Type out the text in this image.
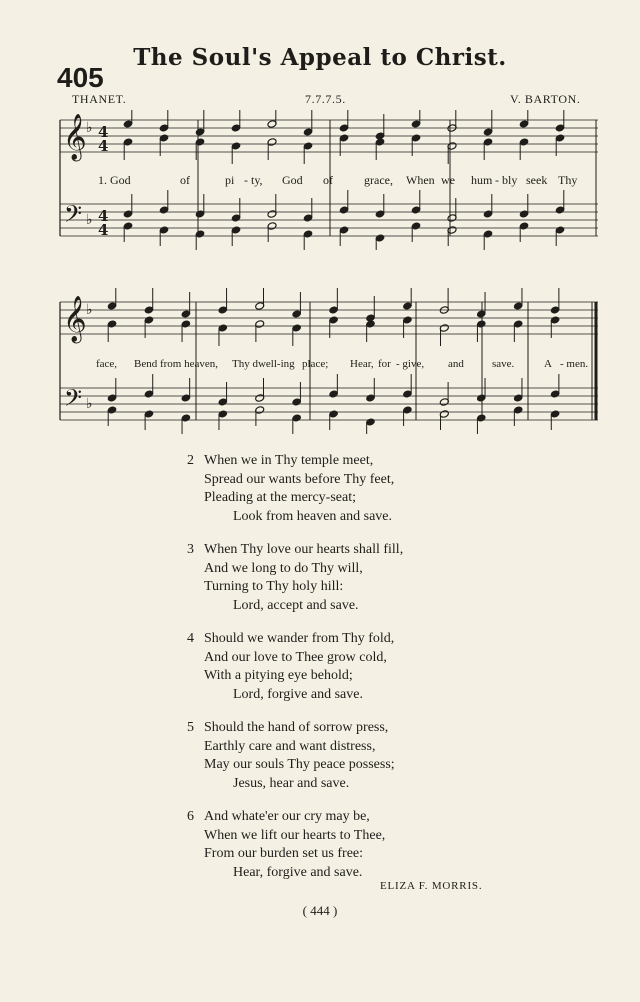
The Soul's Appeal to Christ.
405
THANET.	7.7.7.5.	V. BARTON.
𝄞
𝄢
♭
♭
4
4
4
4
1. God	of	pi - ty, God of	grace, When we hum - bly seek Thy
𝄞
𝄢
♭
♭
face, Bend from heaven, Thy dwell-ing place; Hear, for - give, and	save.	A - men.
2 When we in Thy temple meet,
Spread our wants before Thy feet,
Pleading at the mercy-seat;
Look from heaven and save.
3 When Thy love our hearts shall fill,
And we long to do Thy will,
Turning to Thy holy hill:
Lord, accept and save.
4 Should we wander from Thy fold,
And our love to Thee grow cold,
With a pitying eye behold;
Lord, forgive and save.
5 Should the hand of sorrow press,
Earthly care and want distress,
May our souls Thy peace possess;
Jesus, hear and save.
6 And whate'er our cry may be,
When we lift our hearts to Thee,
From our burden set us free:
Hear, forgive and save.
ELIZA F. MORRIS.
( 444 )
